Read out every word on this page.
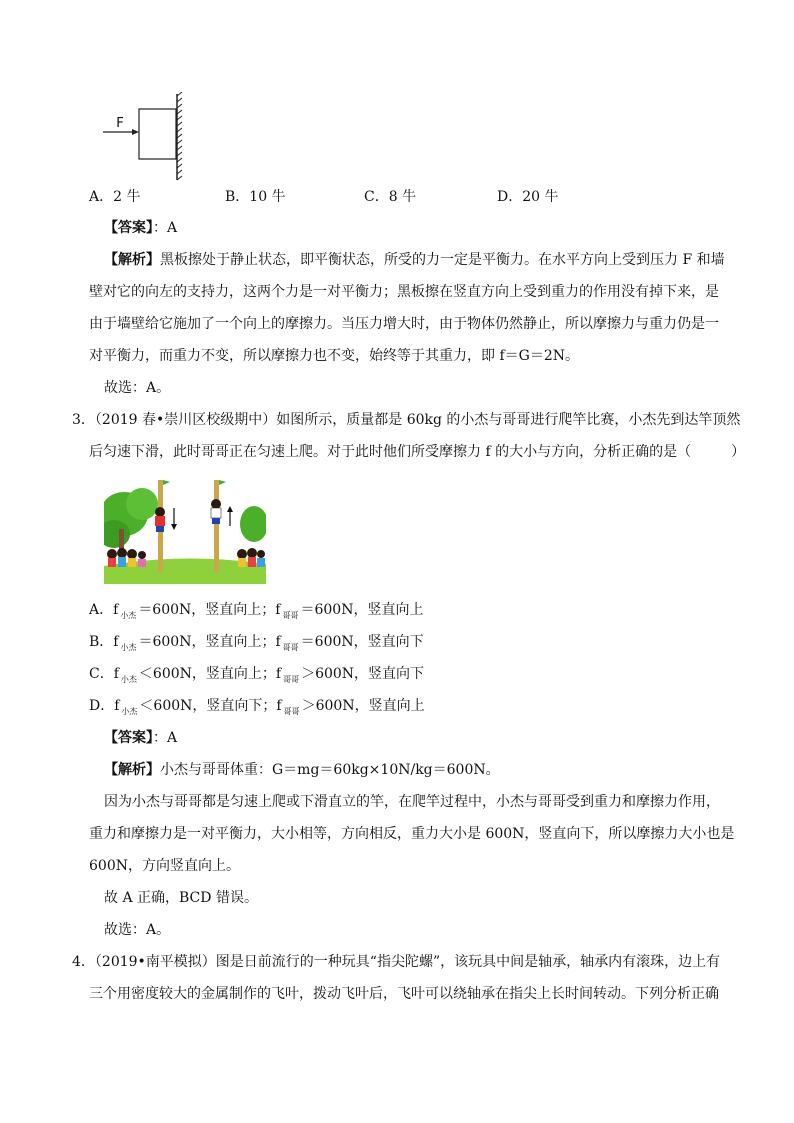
F
A．2 牛	B．10 牛	C．8 牛	D．20 牛
【答案】：A
【解析】黑板擦处于静止状态，即平衡状态，所受的力一定是平衡力。在水平方向上受到压力 F 和墙
壁对它的向左的支持力，这两个力是一对平衡力；黑板擦在竖直方向上受到重力的作用没有掉下来，是
由于墙壁给它施加了一个向上的摩擦力。当压力增大时，由于物体仍然静止，所以摩擦力与重力仍是一
对平衡力，而重力不变，所以摩擦力也不变，始终等于其重力，即 f＝G＝2N。
故选：A。
3．（2019 春•崇川区校级期中）如图所示，质量都是 60kg 的小杰与哥哥进行爬竿比赛，小杰先到达竿顶然
后匀速下滑，此时哥哥正在匀速上爬。对于此时他们所受摩擦力 f 的大小与方向，分析正确的是（	）
A．f $_{小杰}$ ＝600N，竖直向上；f $_{哥哥}$ ＝600N，竖直向上
B．f $_{小杰}$ ＝600N，竖直向上；f $_{哥哥}$ ＝600N，竖直向下
C．f $_{小杰}$ ＜600N，竖直向上；f $_{哥哥}$ ＞600N，竖直向下
D．f $_{小杰}$ ＜600N，竖直向下；f $_{哥哥}$ ＞600N，竖直向上
【答案】：A
【解析】小杰与哥哥体重：G＝mg＝60kg×10N/kg＝600N。
因为小杰与哥哥都是匀速上爬或下滑直立的竿，在爬竿过程中，小杰与哥哥受到重力和摩擦力作用，
重力和摩擦力是一对平衡力，大小相等，方向相反，重力大小是 600N，竖直向下，所以摩擦力大小也是
600N，方向竖直向上。
故 A 正确，BCD 错误。
故选：A。
4．（2019•南平模拟）图是日前流行的一种玩具“指尖陀螺”，该玩具中间是轴承，轴承内有滚珠，边上有
三个用密度较大的金属制作的飞叶，拨动飞叶后，飞叶可以绕轴承在指尖上长时间转动。下列分析正确
